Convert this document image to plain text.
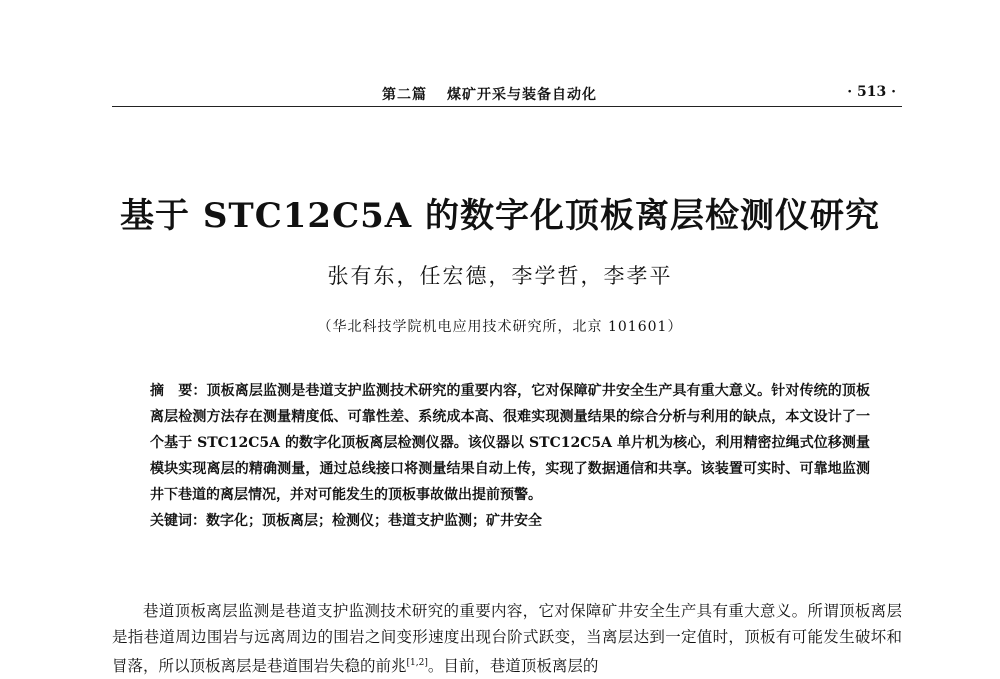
第二篇 煤矿开采与装备自动化	· 513 ·
基于 STC12C5A 的数字化顶板离层检测仪研究
张有东，任宏德，李学哲，李孝平
（华北科技学院机电应用技术研究所，北京 101601）

摘　要：顶板离层监测是巷道支护监测技术研究的重要内容，它对保障矿井安全生产具有重大意义。针对传统的顶板离层检测方法存在测量精度低、可靠性差、系统成本高、很难实现测量结果的综合分析与利用的缺点，本文设计了一个基于 STC12C5A 的数字化顶板离层检测仪器。该仪器以 STC12C5A 单片机为核心，利用精密拉绳式位移测量模块实现离层的精确测量，通过总线接口将测量结果自动上传，实现了数据通信和共享。该装置可实时、可靠地监测井下巷道的离层情况，并对可能发生的顶板事故做出提前预警。

关键词：数字化；顶板离层；检测仪；巷道支护监测；矿井安全

巷道顶板离层监测是巷道支护监测技术研究的重要内容，它对保障矿井安全生产具有重大意义。所谓顶板离层是指巷道周边围岩与远离周边的围岩之间变形速度出现台阶式跃变，当离层达到一定值时，顶板有可能发生破坏和冒落，所以顶板离层是巷道围岩失稳的前兆[1,2]。目前，巷道顶板离层的
